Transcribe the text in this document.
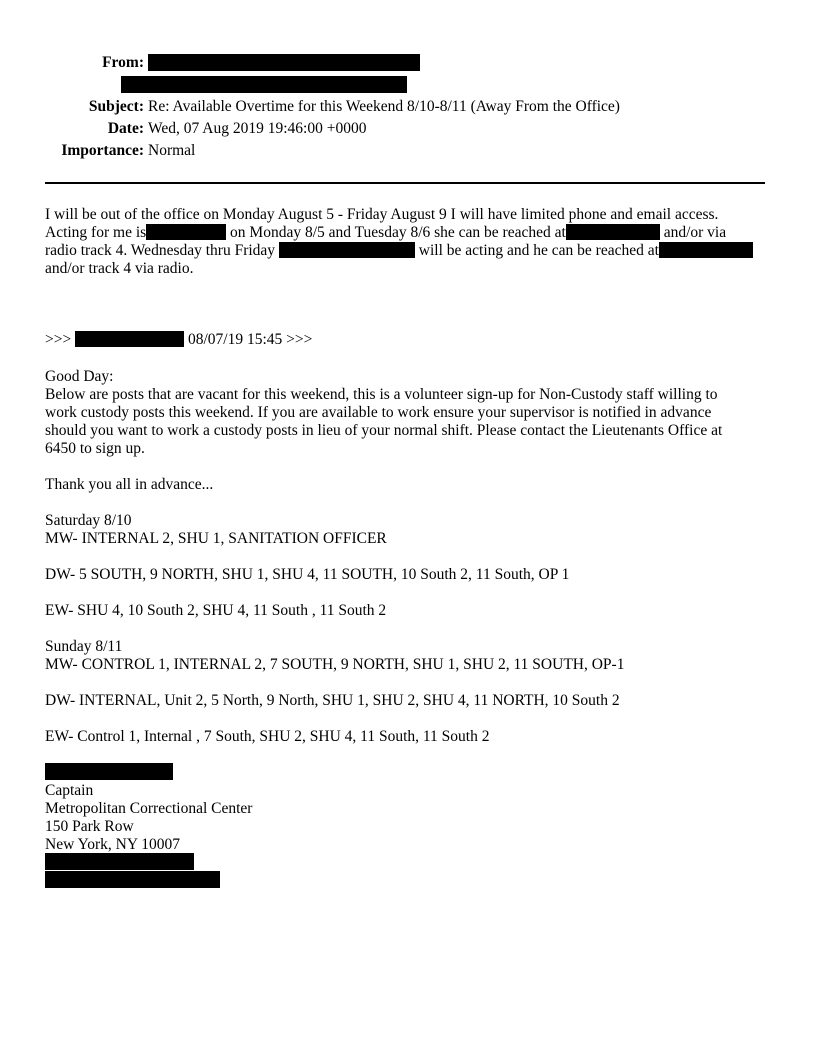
From:
Subject: Re: Available Overtime for this Weekend 8/10-8/11 (Away From the Office)
Date: Wed, 07 Aug 2019 19:46:00 +0000
Importance: Normal
I will be out of the office on Monday August 5 - Friday August 9 I will have limited phone and email access.
Acting for me is	on Monday 8/5 and Tuesday 8/6 she can be reached at	and/or via
radio track 4. Wednesday thru Friday	will be acting and he can be reached at
and/or track 4 via radio.
>>>	08/07/19 15:45 >>>
Good Day:
Below are posts that are vacant for this weekend, this is a volunteer sign-up for Non-Custody staff willing to
work custody posts this weekend. If you are available to work ensure your supervisor is notified in advance
should you want to work a custody posts in lieu of your normal shift. Please contact the Lieutenants Office at
6450 to sign up.
Thank you all in advance...
Saturday 8/10
MW- INTERNAL 2, SHU 1, SANITATION OFFICER
DW- 5 SOUTH, 9 NORTH, SHU 1, SHU 4, 11 SOUTH, 10 South 2, 11 South, OP 1
EW- SHU 4, 10 South 2, SHU 4, 11 South , 11 South 2
Sunday 8/11
MW- CONTROL 1, INTERNAL 2, 7 SOUTH, 9 NORTH, SHU 1, SHU 2, 11 SOUTH, OP-1
DW- INTERNAL, Unit 2, 5 North, 9 North, SHU 1, SHU 2, SHU 4, 11 NORTH, 10 South 2
EW- Control 1, Internal , 7 South, SHU 2, SHU 4, 11 South, 11 South 2
Captain
Metropolitan Correctional Center
150 Park Row
New York, NY 10007
